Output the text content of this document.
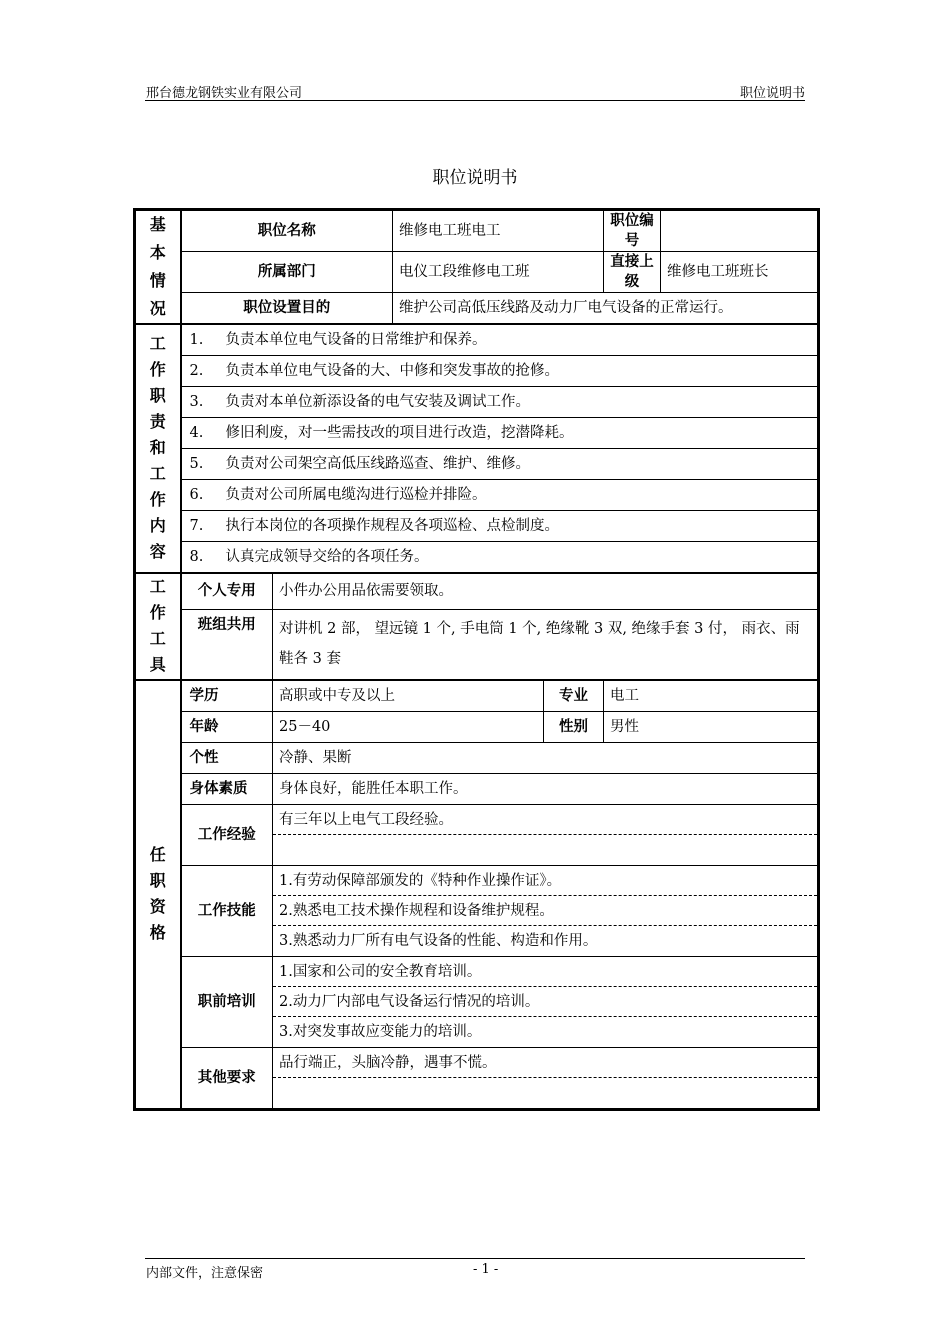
邢台德龙钢铁实业有限公司	职位说明书
职位说明书
基本情况	职位名称		维修电工班电工		职位编号	
	所属部门		电仪工段维修电工班		直接上级	维修电工班班长
	职位设置目的		维护公司高低压线路及动力厂电气设备的正常运行。			
工作职责和工作内容	1. 负责本单位电气设备的日常维护和保养。					
	2. 负责本单位电气设备的大、中修和突发事故的抢修。					
	3. 负责对本单位新添设备的电气安装及调试工作。					
	4. 修旧利废，对一些需技改的项目进行改造，挖潜降耗。					
	5. 负责对公司架空高低压线路巡查、维护、维修。					
	6. 负责对公司所属电缆沟进行巡检并排险。					
	7. 执行本岗位的各项操作规程及各项巡检、点检制度。					
	8. 认真完成领导交给的各项任务。					
工作工具	个人专用	小件办公用品依需要领取。				
	班组共用	对讲机 2 部， 望远镜 1 个, 手电筒 1 个, 绝缘靴 3 双, 绝缘手套 3 付， 雨衣、雨鞋各 3 套				
任职资格	学历	高职或中专及以上		专业	电工	
	年龄	25－40		性别	男性	
	个性	冷静、果断				
	身体素质	身体良好，能胜任本职工作。				
	工作经验	有三年以上电气工段经验。				

	工作技能	1.有劳动保障部颁发的《特种作业操作证》。
2.熟悉电工技术操作规程和设备维护规程。
3.熟悉动力厂所有电气设备的性能、构造和作用。				

	职前培训	1.国家和公司的安全教育培训。
2.动力厂内部电气设备运行情况的培训。
3.对突发事故应变能力的培训。				

	其他要求	品行端正，头脑冷静，遇事不慌。				
内部文件，注意保密	- 1 -
